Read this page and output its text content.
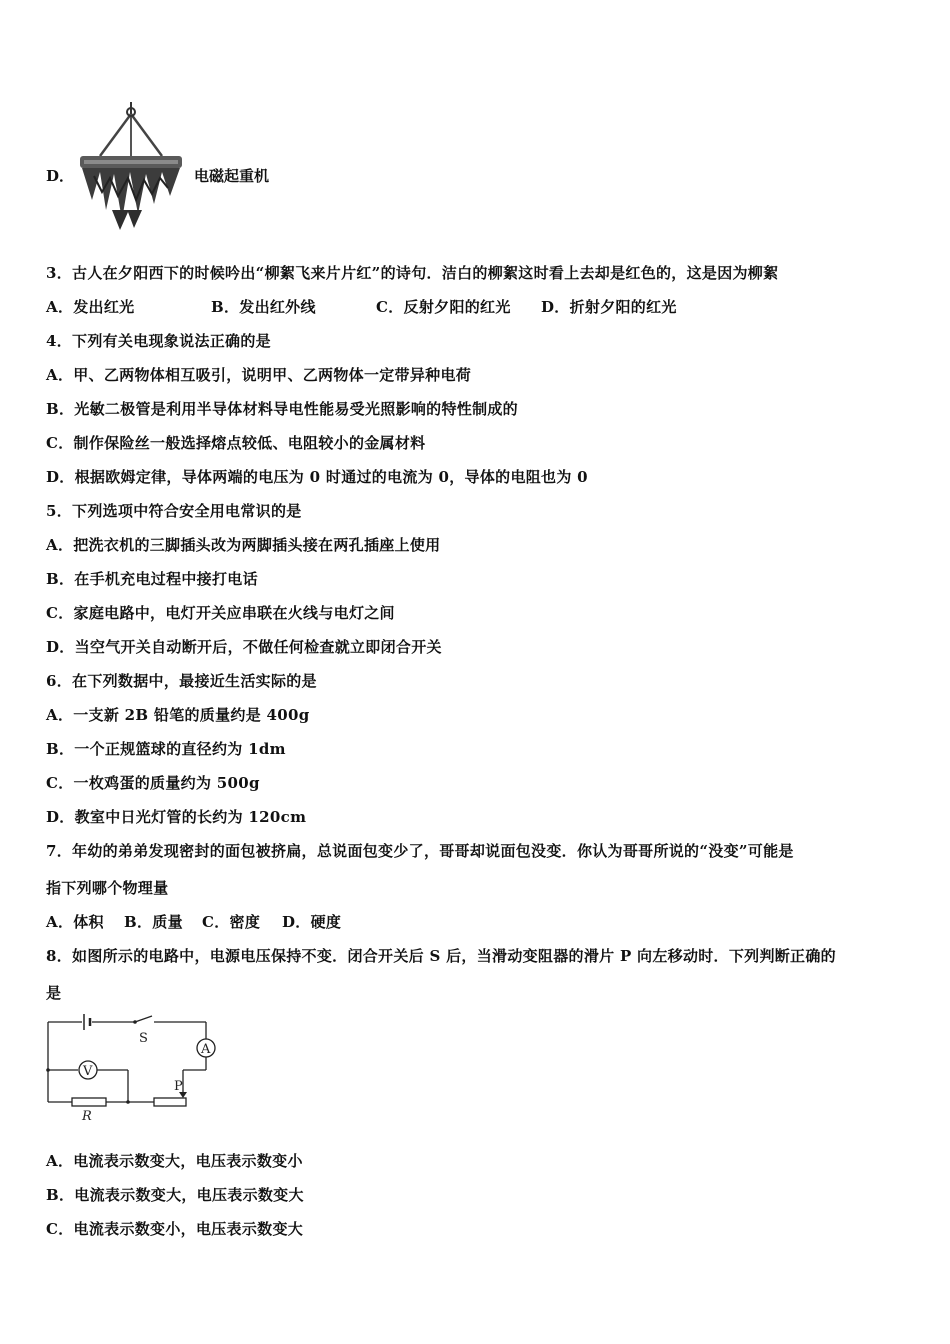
D．	电磁起重机
3．古人在夕阳西下的时候吟出“柳絮飞来片片红”的诗句．洁白的柳絮这时看上去却是红色的，这是因为柳絮
A．发出红光	B．发出红外线	C．反射夕阳的红光 D．折射夕阳的红光
4．下列有关电现象说法正确的是
A．甲、乙两物体相互吸引，说明甲、乙两物体一定带异种电荷
B．光敏二极管是利用半导体材料导电性能易受光照影响的特性制成的
C．制作保险丝一般选择熔点较低、电阻较小的金属材料
D．根据欧姆定律，导体两端的电压为 0 时通过的电流为 0，导体的电阻也为 0
5．下列选项中符合安全用电常识的是
A．把洗衣机的三脚插头改为两脚插头接在两孔插座上使用
B．在手机充电过程中接打电话
C．家庭电路中，电灯开关应串联在火线与电灯之间
D．当空气开关自动断开后，不做任何检查就立即闭合开关
6．在下列数据中，最接近生活实际的是
A．一支新 2B 铅笔的质量约是 400g
B．一个正规篮球的直径约为 1dm
C．一枚鸡蛋的质量约为 500g
D．教室中日光灯管的长约为 120cm
7．年幼的弟弟发现密封的面包被挤扁，总说面包变少了，哥哥却说面包没变．你认为哥哥所说的“没变”可能是
指下列哪个物理量
A．体积 B．质量 C．密度 D．硬度
8．如图所示的电路中，电源电压保持不变．闭合开关后 S 后，当滑动变阻器的滑片 P 向左移动时．下列判断正确的
是
S
A
P
V
R
A．电流表示数变大，电压表示数变小
B．电流表示数变大，电压表示数变大
C．电流表示数变小，电压表示数变大
